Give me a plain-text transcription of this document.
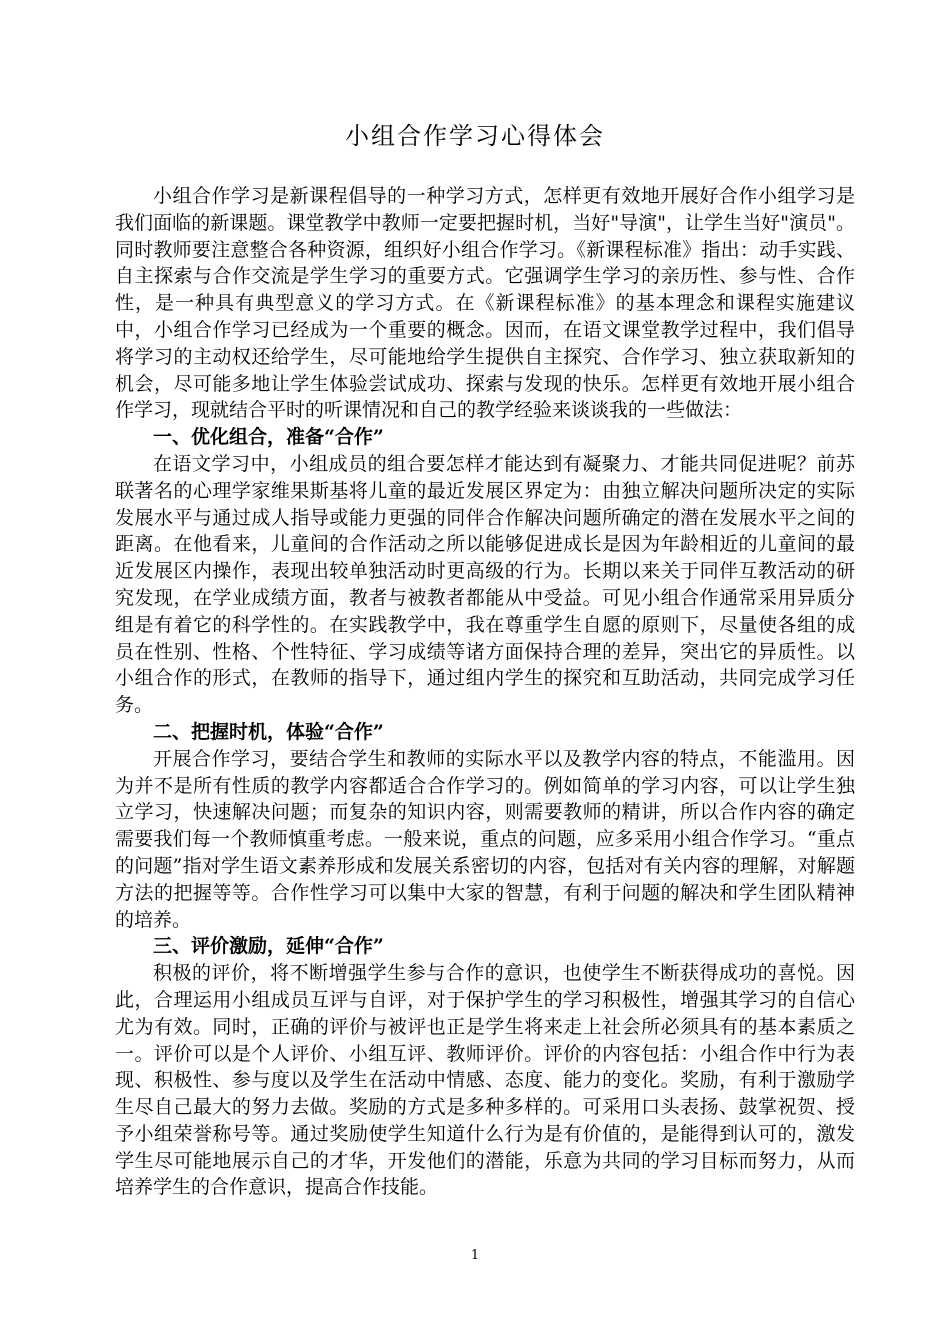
小组合作学习心得体会

小组合作学习是新课程倡导的一种学习方式，怎样更有效地开展好合作小组学习是我们面临的新课题。课堂教学中教师一定要把握时机，当好"导演"，让学生当好"演员"。同时教师要注意整合各种资源，组织好小组合作学习。《新课程标准》指出：动手实践、自主探索与合作交流是学生学习的重要方式。它强调学生学习的亲历性、参与性、合作性，是一种具有典型意义的学习方式。在《新课程标准》的基本理念和课程实施建议中，小组合作学习已经成为一个重要的概念。因而，在语文课堂教学过程中，我们倡导将学习的主动权还给学生，尽可能地给学生提供自主探究、合作学习、独立获取新知的机会，尽可能多地让学生体验尝试成功、探索与发现的快乐。怎样更有效地开展小组合作学习，现就结合平时的听课情况和自己的教学经验来谈谈我的一些做法：

一、优化组合，准备“合作”

在语文学习中，小组成员的组合要怎样才能达到有凝聚力、才能共同促进呢？前苏联著名的心理学家维果斯基将儿童的最近发展区界定为：由独立解决问题所决定的实际发展水平与通过成人指导或能力更强的同伴合作解决问题所确定的潜在发展水平之间的距离。在他看来，儿童间的合作活动之所以能够促进成长是因为年龄相近的儿童间的最近发展区内操作，表现出较单独活动时更高级的行为。长期以来关于同伴互教活动的研究发现，在学业成绩方面，教者与被教者都能从中受益。可见小组合作通常采用异质分组是有着它的科学性的。在实践教学中，我在尊重学生自愿的原则下，尽量使各组的成员在性别、性格、个性特征、学习成绩等诸方面保持合理的差异，突出它的异质性。以小组合作的形式，在教师的指导下，通过组内学生的探究和互助活动，共同完成学习任务。

二、把握时机，体验“合作”

开展合作学习，要结合学生和教师的实际水平以及教学内容的特点，不能滥用。因为并不是所有性质的教学内容都适合合作学习的。例如简单的学习内容，可以让学生独立学习，快速解决问题；而复杂的知识内容，则需要教师的精讲，所以合作内容的确定需要我们每一个教师慎重考虑。一般来说，重点的问题，应多采用小组合作学习。“重点的问题”指对学生语文素养形成和发展关系密切的内容，包括对有关内容的理解，对解题方法的把握等等。合作性学习可以集中大家的智慧，有利于问题的解决和学生团队精神的培养。

三、评价激励，延伸“合作”

积极的评价，将不断增强学生参与合作的意识，也使学生不断获得成功的喜悦。因此，合理运用小组成员互评与自评，对于保护学生的学习积极性，增强其学习的自信心尤为有效。同时，正确的评价与被评也正是学生将来走上社会所必须具有的基本素质之一。评价可以是个人评价、小组互评、教师评价。评价的内容包括：小组合作中行为表现、积极性、参与度以及学生在活动中情感、态度、能力的变化。奖励，有利于激励学生尽自己最大的努力去做。奖励的方式是多种多样的。可采用口头表扬、鼓掌祝贺、授予小组荣誉称号等。通过奖励使学生知道什么行为是有价值的，是能得到认可的，激发学生尽可能地展示自己的才华，开发他们的潜能，乐意为共同的学习目标而努力，从而培养学生的合作意识，提高合作技能。

1
